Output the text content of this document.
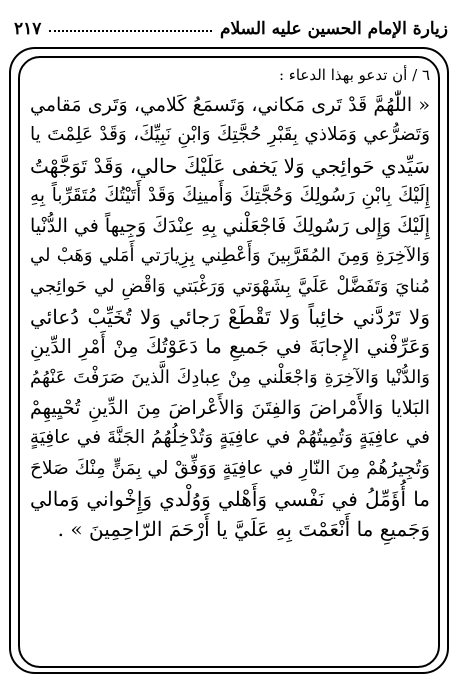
زيارة الإمام الحسين عليه السلام
٢١٧

٦ / أن تدعو بهذا الدعاء :

« اللّٰهُمَّ قَدْ تَرى مَكاني، وَتَسمَعُ كَلامي، وَتَرى مَقامي
وَتَضرُّعي وَمَلاذي بِقَبْرِ حُجَّتِكَ وَابْنِ نَبِيِّكَ، وَقَدْ عَلِمْتَ يا
سَيِّدي حَوائِجي وَلا يَخفى عَلَيْكَ حالي، وَقَدْ تَوَجَّهْتُ
إِلَيْكَ بِابْنِ رَسُولِكَ وَحُجَّتِكَ وَأَمينِكَ وَقَدْ أَتَيْتُكَ مُتَقَرِّباً بِهِ
إِلَيْكَ وَإِلى رَسُولِكَ فَاجْعَلْني بِهِ عِنْدَكَ وَجِيهاً في الدُّنْيا
وَالآخِرَةِ وَمِنَ المُقَرَّبِينَ وَأَعْطِني بِزِيارَتي أَمَلي وَهَبْ لي
مُنايَ وَتَفَضَّلْ عَلَيَّ بِشَهْوَتي وَرَغْبَتي وَاقْضِ لي حَوائِجي
وَلا تَرُدَّني خائِباً وَلا تَقْطَعْ رَجائي وَلا تُخَيِّبْ دُعائي
وَعَرِّفْني الإِجابَةَ في جَميعِ ما دَعَوْتُكَ مِنْ أَمْرِ الدِّينِ
وَالدُّنْيا وَالآخِرَةِ وَاجْعَلْني مِنْ عِبادِكَ الَّذينَ صَرَفْتَ عَنْهُمُ
البَلايا وَالأَمْراضَ وَالفِتَنَ وَالأَعْراضَ مِنَ الدِّينِ تُحْيِيهِمْ
في عافِيَةٍ وَتُمِيتُهُمْ في عافِيَةٍ وَتُدْخِلُهُمُ الجَنَّةَ في عافِيَةٍ
وَتُجِيرُهُمْ مِنَ النّارِ في عافِيَةٍ وَوَفِّقْ لي بِمَنٍّ مِنْكَ صَلاحَ
ما أُؤَمِّلُ في نَفْسي وَأَهْلي وَوُلْدي وَإِخْواني وَمالي
وَجَميعِ ما أَنْعَمْتَ بِهِ عَلَيَّ يا أَرْحَمَ الرّاحِمِينَ » .
